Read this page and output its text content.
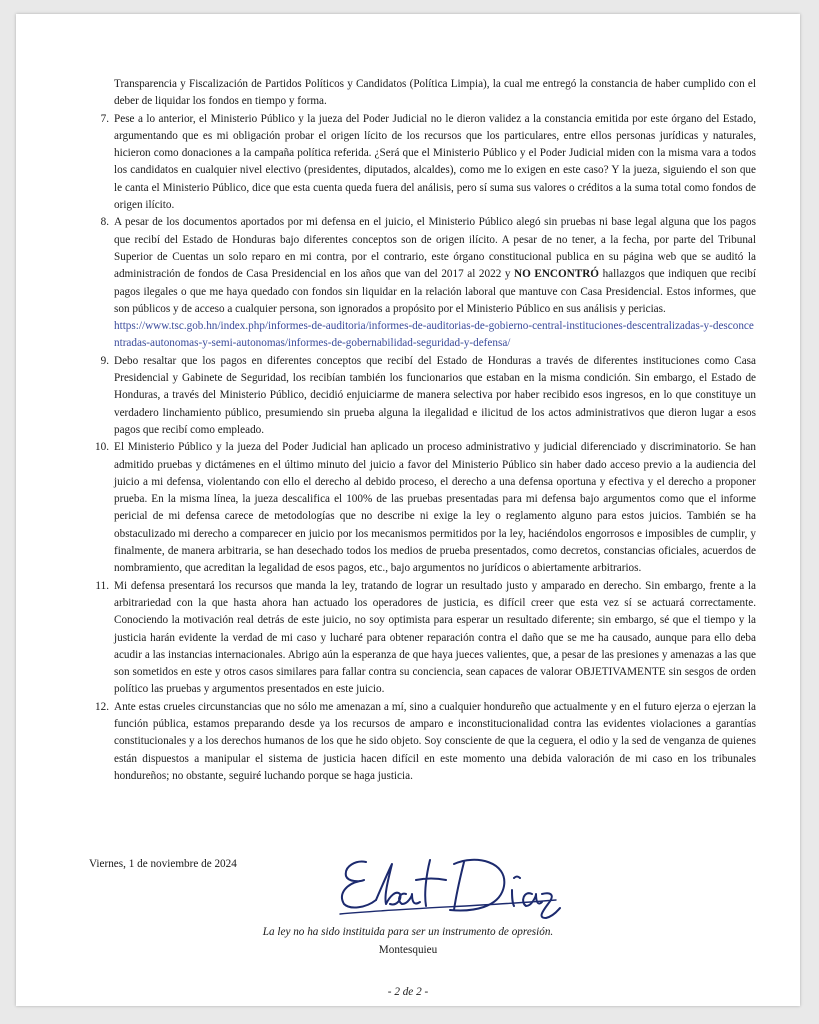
Transparencia y Fiscalización de Partidos Políticos y Candidatos (Política Limpia), la cual me entregó la constancia de haber cumplido con el deber de liquidar los fondos en tiempo y forma.
7. Pese a lo anterior, el Ministerio Público y la jueza del Poder Judicial no le dieron validez a la constancia emitida por este órgano del Estado, argumentando que es mi obligación probar el origen lícito de los recursos que los particulares, entre ellos personas jurídicas y naturales, hicieron como donaciones a la campaña política referida. ¿Será que el Ministerio Público y el Poder Judicial miden con la misma vara a todos los candidatos en cualquier nivel electivo (presidentes, diputados, alcaldes), como me lo exigen en este caso? Y la jueza, siguiendo el son que le canta el Ministerio Público, dice que esta cuenta queda fuera del análisis, pero sí suma sus valores o créditos a la suma total como fondos de origen ilícito.
8. A pesar de los documentos aportados por mi defensa en el juicio, el Ministerio Público alegó sin pruebas ni base legal alguna que los pagos que recibí del Estado de Honduras bajo diferentes conceptos son de origen ilícito. A pesar de no tener, a la fecha, por parte del Tribunal Superior de Cuentas un solo reparo en mi contra, por el contrario, este órgano constitucional publica en su página web que se auditó la administración de fondos de Casa Presidencial en los años que van del 2017 al 2022 y NO ENCONTRÓ hallazgos que indiquen que recibí pagos ilegales o que me haya quedado con fondos sin liquidar en la relación laboral que mantuve con Casa Presidencial. Estos informes, que son públicos y de acceso a cualquier persona, son ignorados a propósito por el Ministerio Público en sus análisis y pericias.
https://www.tsc.gob.hn/index.php/informes-de-auditoria/informes-de-auditorias-de-gobierno-central-instituciones-descentralizadas-y-desconcentradas-autonomas-y-semi-autonomas/informes-de-gobernabilidad-seguridad-y-defensa/
9. Debo resaltar que los pagos en diferentes conceptos que recibí del Estado de Honduras a través de diferentes instituciones como Casa Presidencial y Gabinete de Seguridad, los recibían también los funcionarios que estaban en la misma condición. Sin embargo, el Estado de Honduras, a través del Ministerio Público, decidió enjuiciarme de manera selectiva por haber recibido esos ingresos, en lo que constituye un verdadero linchamiento público, presumiendo sin prueba alguna la ilegalidad e ilicitud de los actos administrativos que dieron lugar a esos pagos que recibí como empleado.
10. El Ministerio Público y la jueza del Poder Judicial han aplicado un proceso administrativo y judicial diferenciado y discriminatorio. Se han admitido pruebas y dictámenes en el último minuto del juicio a favor del Ministerio Público sin haber dado acceso previo a la audiencia del juicio a mi defensa, violentando con ello el derecho al debido proceso, el derecho a una defensa oportuna y efectiva y el derecho a proponer prueba. En la misma línea, la jueza descalifica el 100% de las pruebas presentadas para mi defensa bajo argumentos como que el informe pericial de mi defensa carece de metodologías que no describe ni exige la ley o reglamento alguno para estos juicios. También se ha obstaculizado mi derecho a comparecer en juicio por los mecanismos permitidos por la ley, haciéndolos engorrosos e imposibles de cumplir, y finalmente, de manera arbitraria, se han desechado todos los medios de prueba presentados, como decretos, constancias oficiales, acuerdos de nombramiento, que acreditan la legalidad de esos pagos, etc., bajo argumentos no jurídicos o abiertamente arbitrarios.
11. Mi defensa presentará los recursos que manda la ley, tratando de lograr un resultado justo y amparado en derecho. Sin embargo, frente a la arbitrariedad con la que hasta ahora han actuado los operadores de justicia, es difícil creer que esta vez sí se actuará correctamente. Conociendo la motivación real detrás de este juicio, no soy optimista para esperar un resultado diferente; sin embargo, sé que el tiempo y la justicia harán evidente la verdad de mi caso y lucharé para obtener reparación contra el daño que se me ha causado, aunque para ello deba acudir a las instancias internacionales. Abrigo aún la esperanza de que haya jueces valientes, que, a pesar de las presiones y amenazas a las que son sometidos en este y otros casos similares para fallar contra su conciencia, sean capaces de valorar OBJETIVAMENTE sin sesgos de orden político las pruebas y argumentos presentados en este juicio.
12. Ante estas crueles circunstancias que no sólo me amenazan a mí, sino a cualquier hondureño que actualmente y en el futuro ejerza o ejerzan la función pública, estamos preparando desde ya los recursos de amparo e inconstitucionalidad contra las evidentes violaciones a garantías constitucionales y a los derechos humanos de los que he sido objeto. Soy consciente de que la ceguera, el odio y la sed de venganza de quienes están dispuestos a manipular el sistema de justicia hacen difícil en este momento una debida valoración de mi caso en los tribunales hondureños; no obstante, seguiré luchando porque se haga justicia.
Viernes, 1 de noviembre de 2024
La ley no ha sido instituida para ser un instrumento de opresión.
Montesquieu
- 2 de 2 -
